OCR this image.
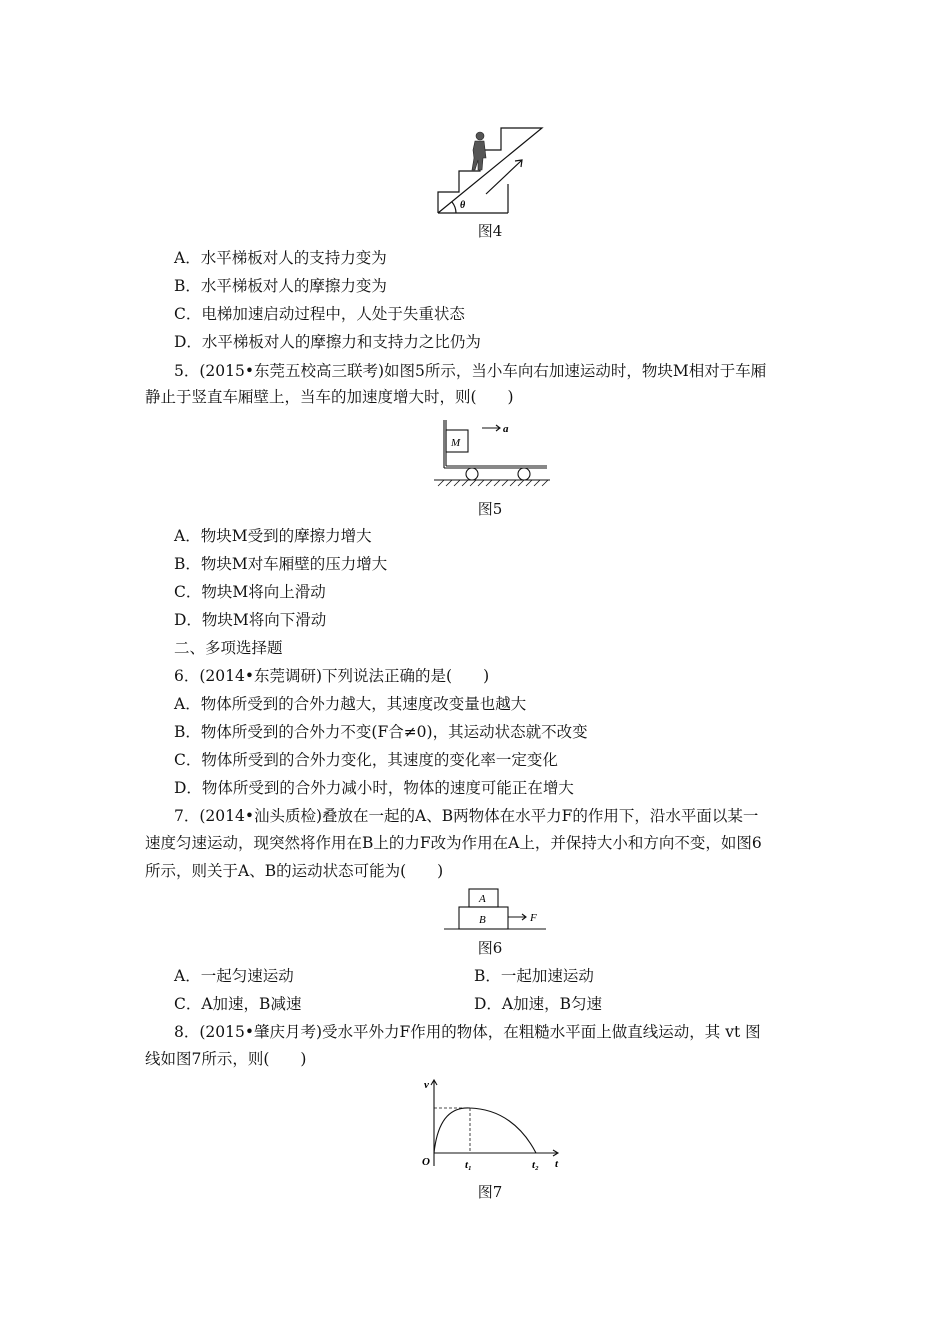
θ
图4
A．水平梯板对人的支持力变为
B．水平梯板对人的摩擦力变为
C．电梯加速启动过程中，人处于失重状态
D．水平梯板对人的摩擦力和支持力之比仍为
5．(2015•东莞五校高三联考)如图5所示，当小车向右加速运动时，物块M相对于车厢
静止于竖直车厢壁上，当车的加速度增大时，则(　　)
M
a
图5
A．物块M受到的摩擦力增大
B．物块M对车厢壁的压力增大
C．物块M将向上滑动
D．物块M将向下滑动
二、多项选择题
6．(2014•东莞调研)下列说法正确的是(　　)
A．物体所受到的合外力越大，其速度改变量也越大
B．物体所受到的合外力不变(F合≠0)，其运动状态就不改变
C．物体所受到的合外力变化，其速度的变化率一定变化
D．物体所受到的合外力减小时，物体的速度可能正在增大
7．(2014•汕头质检)叠放在一起的A、B两物体在水平力F的作用下，沿水平面以某一
速度匀速运动，现突然将作用在B上的力F改为作用在A上，并保持大小和方向不变，如图6
所示，则关于A、B的运动状态可能为(　　)
A
B	F
图6
A．一起匀速运动	B．一起加速运动
C．A加速，B减速	D．A加速，B匀速
8．(2015•肇庆月考)受水平外力F作用的物体，在粗糙水平面上做直线运动，其 vt 图
线如图7所示，则(　　)
v
t
O	t₁	t₂
图7
